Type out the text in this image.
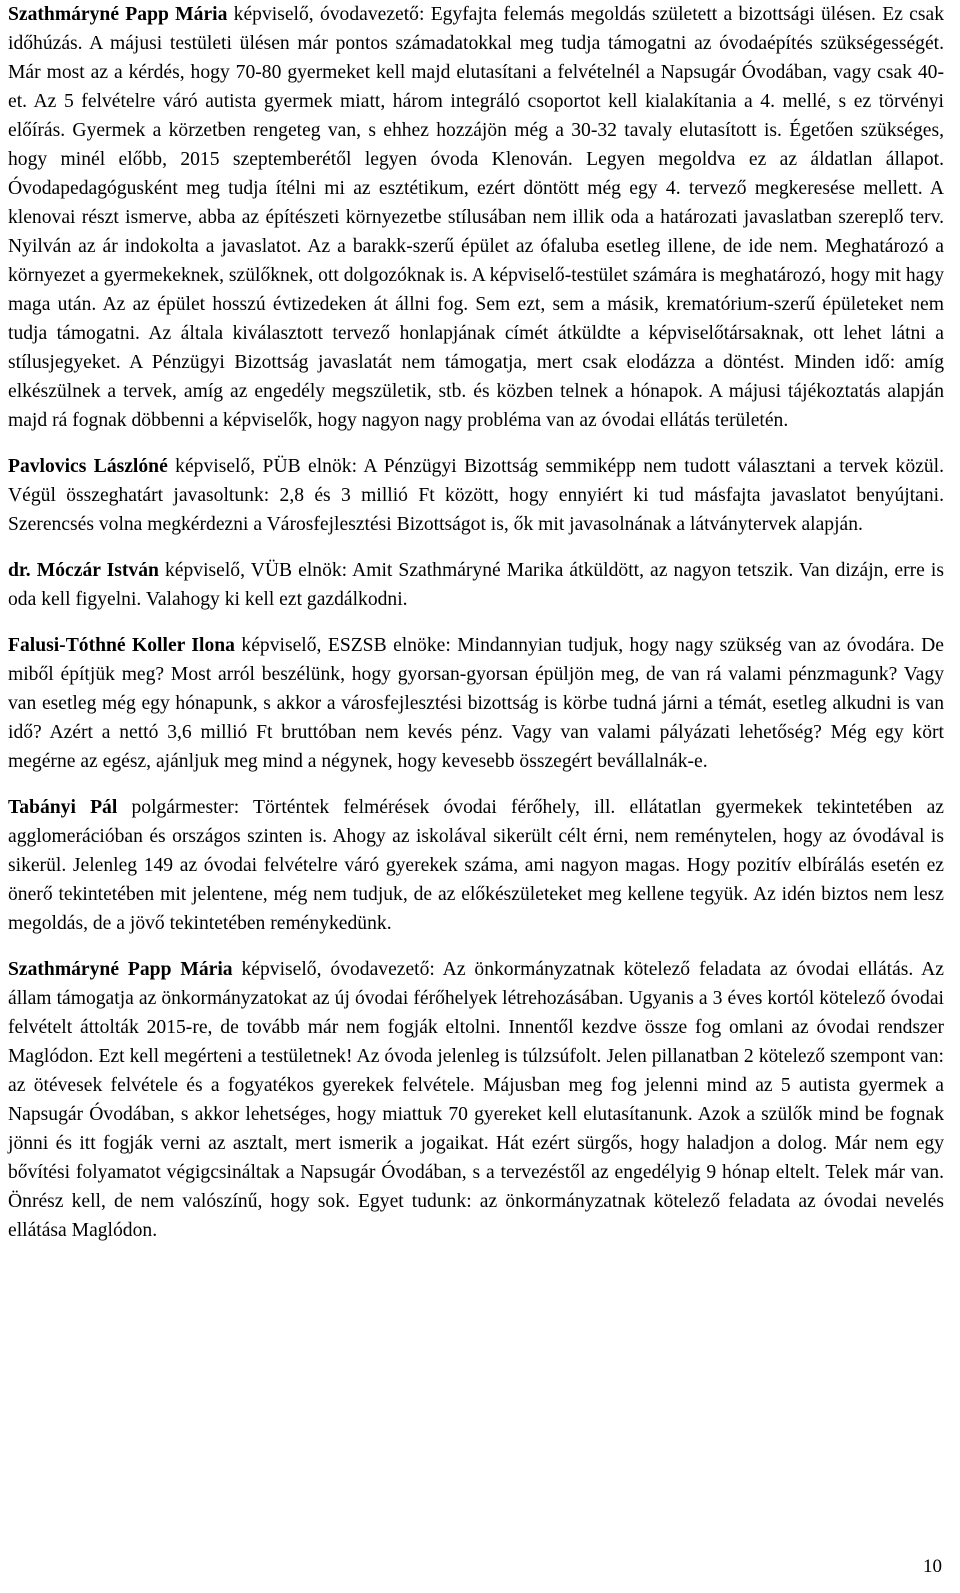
Szathmáryné Papp Mária képviselő, óvodavezető: Egyfajta felemás megoldás született a bizottsági ülésen. Ez csak időhúzás. A májusi testületi ülésen már pontos számadatokkal meg tudja támogatni az óvodaépítés szükségességét. Már most az a kérdés, hogy 70-80 gyermeket kell majd elutasítani a felvételnél a Napsugár Óvodában, vagy csak 40-et. Az 5 felvételre váró autista gyermek miatt, három integráló csoportot kell kialakítania a 4. mellé, s ez törvényi előírás. Gyermek a körzetben rengeteg van, s ehhez hozzájön még a 30-32 tavaly elutasított is. Égetően szükséges, hogy minél előbb, 2015 szeptemberétől legyen óvoda Klenován. Legyen megoldva ez az áldatlan állapot. Óvodapedagógusként meg tudja ítélni mi az esztétikum, ezért döntött még egy 4. tervező megkeresése mellett. A klenovai részt ismerve, abba az építészeti környezetbe stílusában nem illik oda a határozati javaslatban szereplő terv. Nyilván az ár indokolta a javaslatot. Az a barakk-szerű épület az ófaluba esetleg illene, de ide nem. Meghatározó a környezet a gyermekeknek, szülőknek, ott dolgozóknak is. A képviselő-testület számára is meghatározó, hogy mit hagy maga után. Az az épület hosszú évtizedeken át állni fog. Sem ezt, sem a másik, krematórium-szerű épületeket nem tudja támogatni. Az általa kiválasztott tervező honlapjának címét átküldte a képviselőtársaknak, ott lehet látni a stílusjegyeket. A Pénzügyi Bizottság javaslatát nem támogatja, mert csak elodázza a döntést. Minden idő: amíg elkészülnek a tervek, amíg az engedély megszületik, stb. és közben telnek a hónapok. A májusi tájékoztatás alapján majd rá fognak döbbenni a képviselők, hogy nagyon nagy probléma van az óvodai ellátás területén.

Pavlovics Lászlóné képviselő, PÜB elnök: A Pénzügyi Bizottság semmiképp nem tudott választani a tervek közül. Végül összeghatárt javasoltunk: 2,8 és 3 millió Ft között, hogy ennyiért ki tud másfajta javaslatot benyújtani. Szerencsés volna megkérdezni a Városfejlesztési Bizottságot is, ők mit javasolnának a látványtervek alapján.

dr. Móczár István képviselő, VÜB elnök: Amit Szathmáryné Marika átküldött, az nagyon tetszik. Van dizájn, erre is oda kell figyelni. Valahogy ki kell ezt gazdálkodni.

Falusi-Tóthné Koller Ilona képviselő, ESZSB elnöke: Mindannyian tudjuk, hogy nagy szükség van az óvodára. De miből építjük meg? Most arról beszélünk, hogy gyorsan-gyorsan épüljön meg, de van rá valami pénzmagunk? Vagy van esetleg még egy hónapunk, s akkor a városfejlesztési bizottság is körbe tudná járni a témát, esetleg alkudni is van idő? Azért a nettó 3,6 millió Ft bruttóban nem kevés pénz. Vagy van valami pályázati lehetőség? Még egy kört megérne az egész, ajánljuk meg mind a négynek, hogy kevesebb összegért bevállalnák-e.

Tabányi Pál polgármester: Történtek felmérések óvodai férőhely, ill. ellátatlan gyermekek tekintetében az agglomerációban és országos szinten is. Ahogy az iskolával sikerült célt érni, nem reménytelen, hogy az óvodával is sikerül. Jelenleg 149 az óvodai felvételre váró gyerekek száma, ami nagyon magas. Hogy pozitív elbírálás esetén ez önerő tekintetében mit jelentene, még nem tudjuk, de az előkészületeket meg kellene tegyük. Az idén biztos nem lesz megoldás, de a jövő tekintetében reménykedünk.

Szathmáryné Papp Mária képviselő, óvodavezető: Az önkormányzatnak kötelező feladata az óvodai ellátás. Az állam támogatja az önkormányzatokat az új óvodai férőhelyek létrehozásában. Ugyanis a 3 éves kortól kötelező óvodai felvételt áttolták 2015-re, de tovább már nem fogják eltolni. Innentől kezdve össze fog omlani az óvodai rendszer Maglódon. Ezt kell megérteni a testületnek! Az óvoda jelenleg is túlzsúfolt. Jelen pillanatban 2 kötelező szempont van: az ötévesek felvétele és a fogyatékos gyerekek felvétele. Májusban meg fog jelenni mind az 5 autista gyermek a Napsugár Óvodában, s akkor lehetséges, hogy miattuk 70 gyereket kell elutasítanunk. Azok a szülők mind be fognak jönni és itt fogják verni az asztalt, mert ismerik a jogaikat. Hát ezért sürgős, hogy haladjon a dolog. Már nem egy bővítési folyamatot végigcsináltak a Napsugár Óvodában, s a tervezéstől az engedélyig 9 hónap eltelt. Telek már van. Önrész kell, de nem valószínű, hogy sok. Egyet tudunk: az önkormányzatnak kötelező feladata az óvodai nevelés ellátása Maglódon.

10
